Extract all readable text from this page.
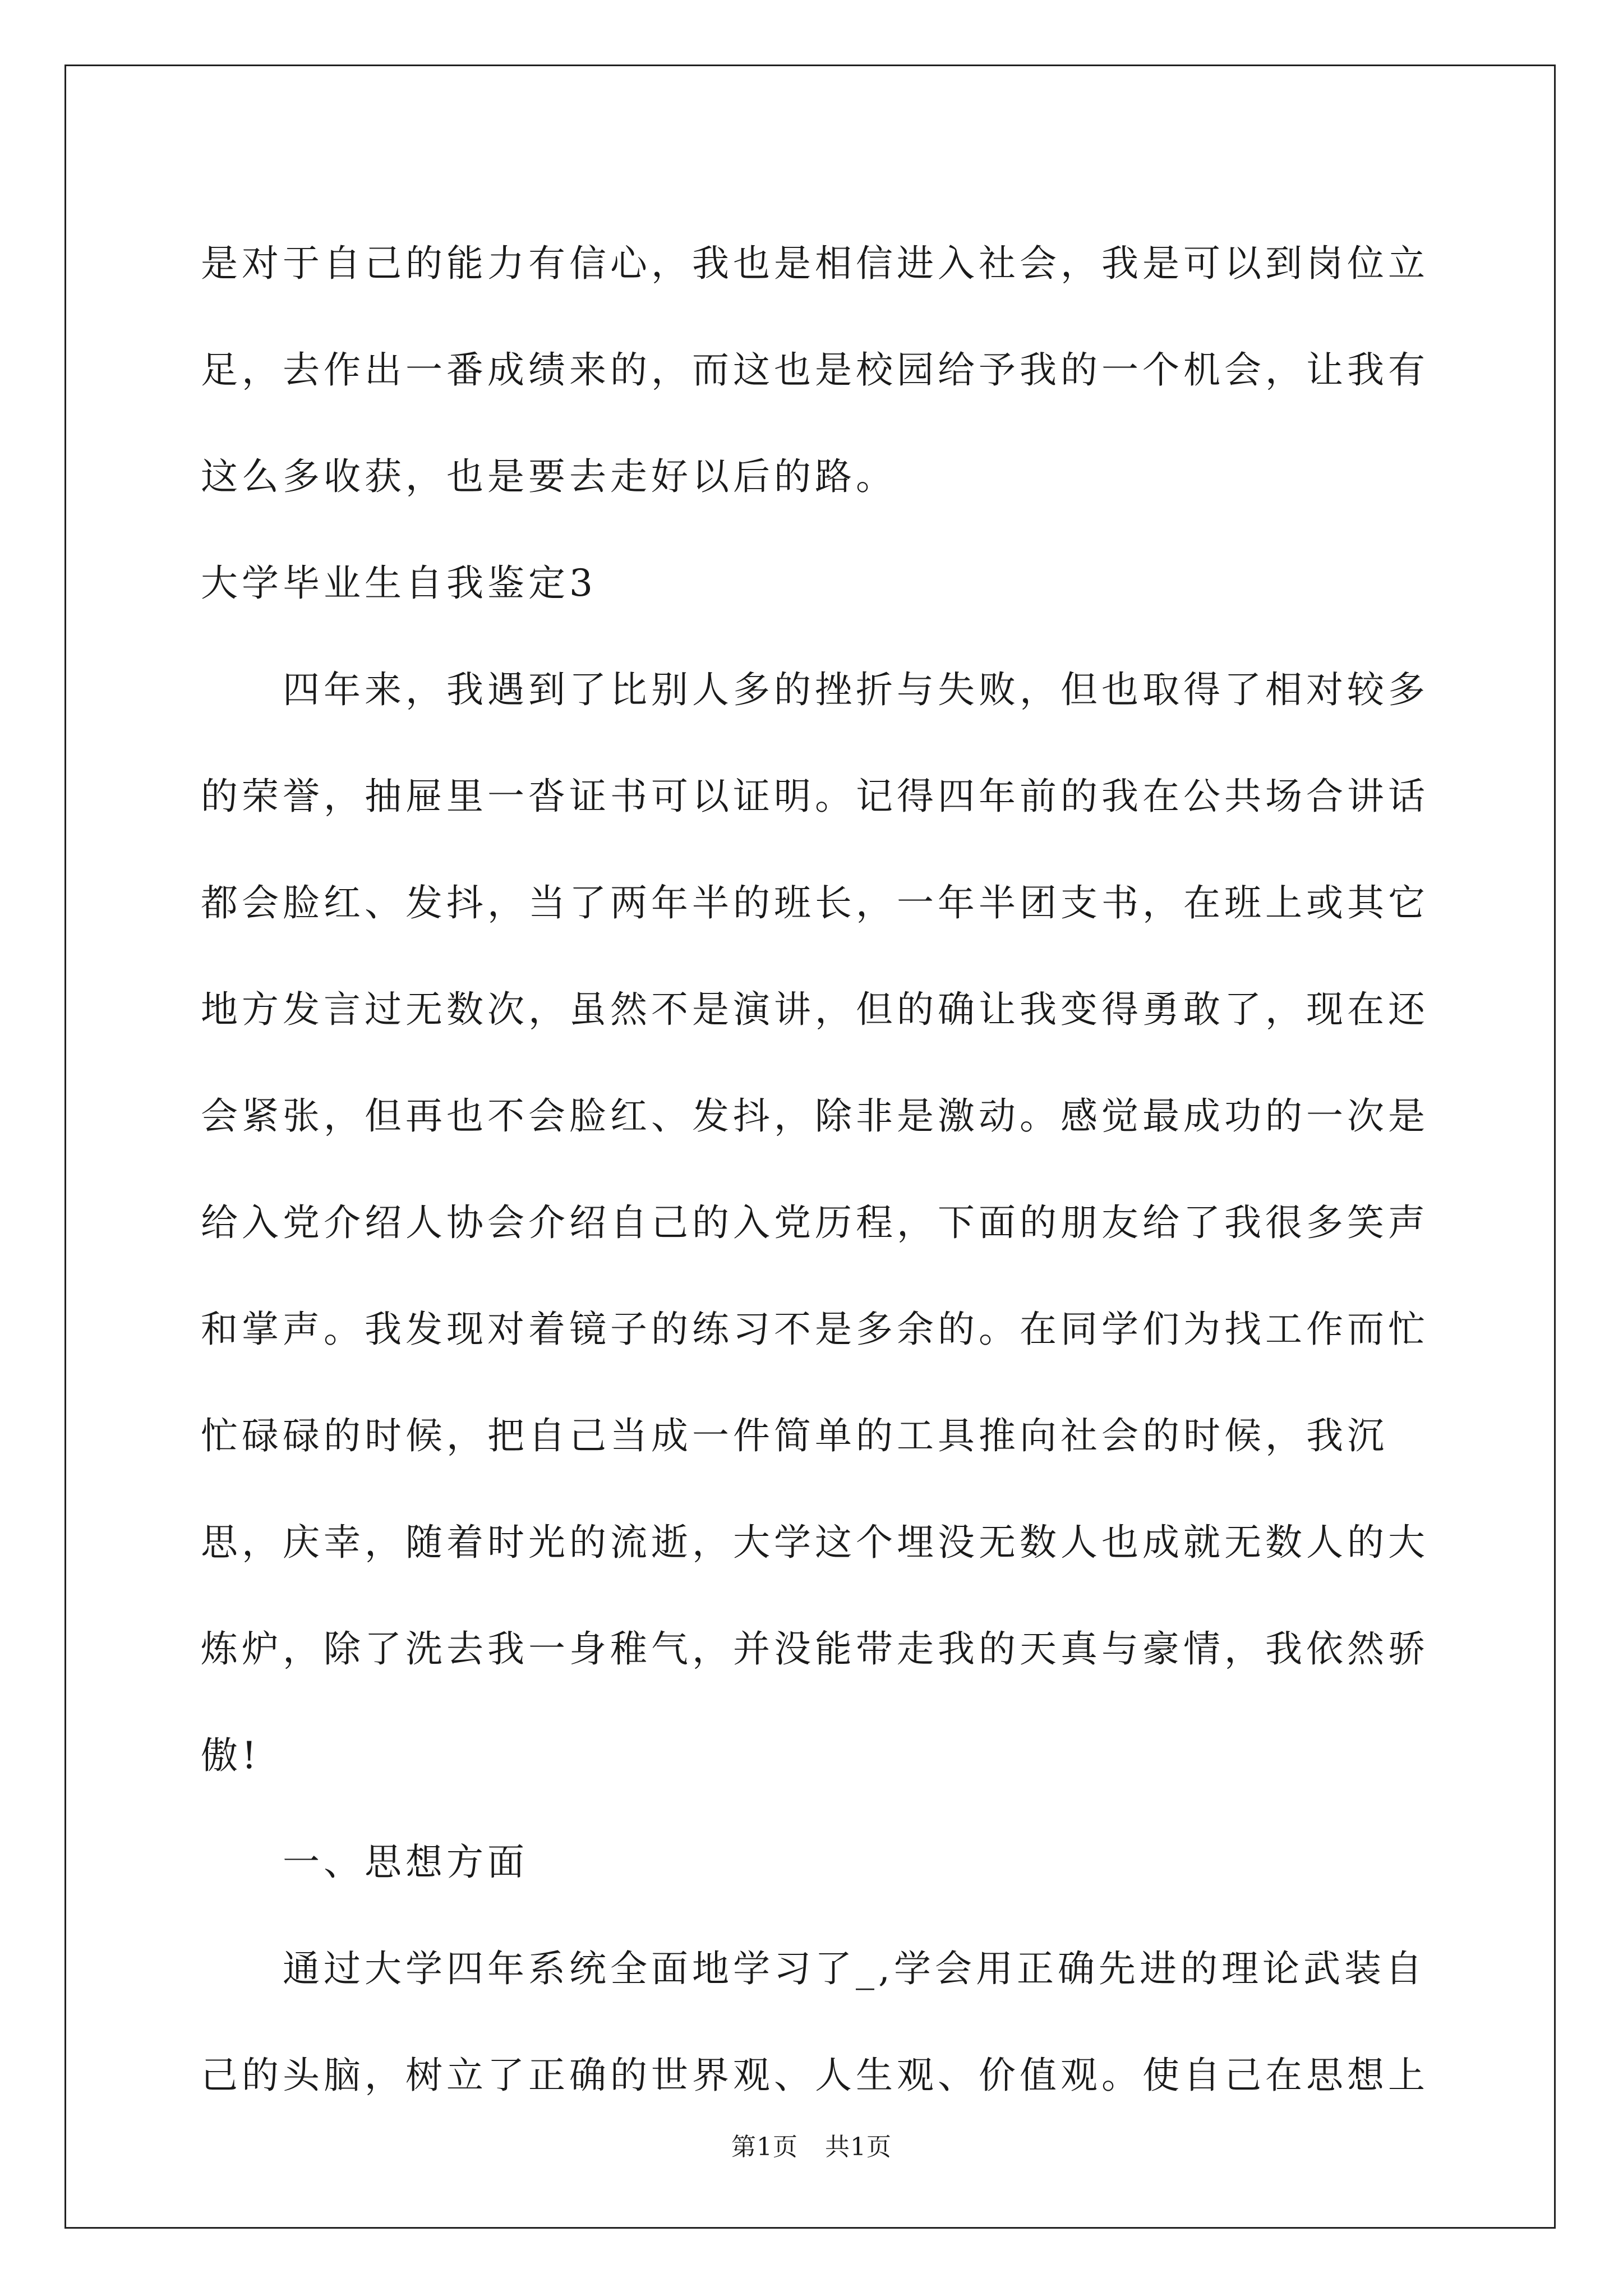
是对于自己的能力有信心，我也是相信进入社会，我是可以到岗位立足，去作出一番成绩来的，而这也是校园给予我的一个机会，让我有这么多收获，也是要去走好以后的路。

大学毕业生自我鉴定3

四年来，我遇到了比别人多的挫折与失败，但也取得了相对较多的荣誉，抽屉里一沓证书可以证明。记得四年前的我在公共场合讲话都会脸红、发抖，当了两年半的班长，一年半团支书，在班上或其它地方发言过无数次，虽然不是演讲，但的确让我变得勇敢了，现在还会紧张，但再也不会脸红、发抖，除非是激动。感觉最成功的一次是给入党介绍人协会介绍自己的入党历程，下面的朋友给了我很多笑声和掌声。我发现对着镜子的练习不是多余的。在同学们为找工作而忙忙碌碌的时候，把自己当成一件简单的工具推向社会的时候，我沉思，庆幸，随着时光的流逝，大学这个埋没无数人也成就无数人的大炼炉，除了洗去我一身稚气，并没能带走我的天真与豪情，我依然骄傲!

一、思想方面

通过大学四年系统全面地学习了_,学会用正确先进的理论武装自己的头脑，树立了正确的世界观、人生观、价值观。使自己在思想上

第1页 共1页
